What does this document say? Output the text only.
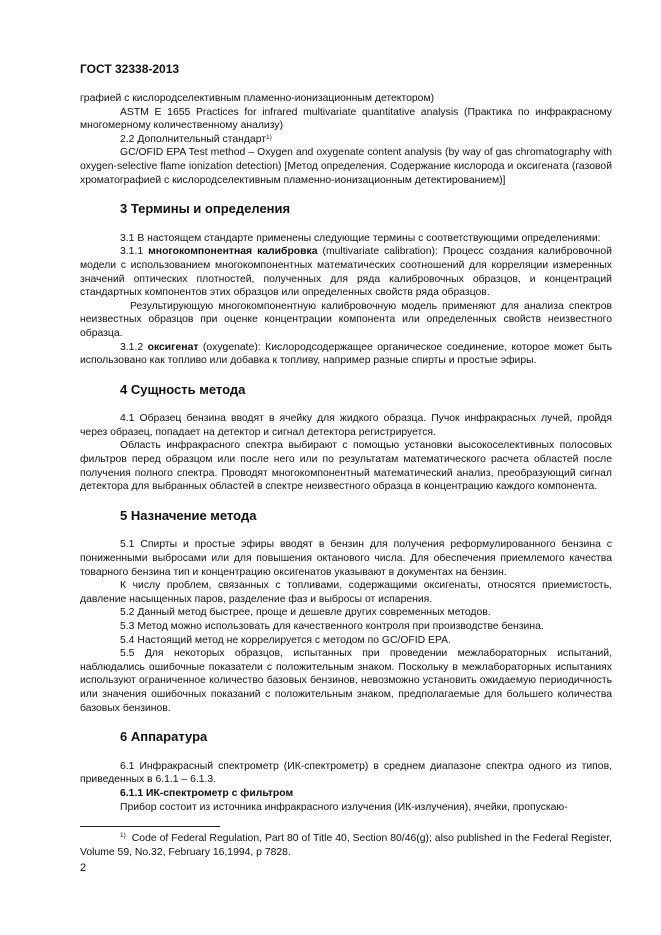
ГОСТ 32338-2013

графией с кислородселективным пламенно-ионизационным детектором)

ASTM E 1655 Practices for infrared multivariate quantitative analysis (Практика по инфракрасному многомерному количественному анализу)

2.2 Дополнительный стандарт$^{1)}$

GC/OFID EPA Test method – Oxygen and oxygenate content analysis (by way of gas chromatography with oxygen-selective flame ionization detection) [Метод определения. Содержание кислорода и оксигената (газовой хроматографией с кислородселективным пламенно-ионизационным детектированием)]

3 Термины и определения

3.1 В настоящем стандарте применены следующие термины с соответствующими определениями:

3.1.1 многокомпонентная калибровка (multivariate calibration): Процесс создания калибровочной модели с использованием многокомпонентных математических соотношений для корреляции измеренных значений оптических плотностей, полученных для ряда калибровочных образцов, и концентраций стандартных компонентов этих образцов или определенных свойств ряда образцов.

Результирующую многокомпонентную калибровочную модель применяют для анализа спектров неизвестных образцов при оценке концентрации компонента или определенных свойств неизвестного образца.

3.1.2 оксигенат (oxygenate): Кислородсодержащее органическое соединение, которое может быть использовано как топливо или добавка к топливу, например разные спирты и простые эфиры.

4 Сущность метода

4.1 Образец бензина вводят в ячейку для жидкого образца. Пучок инфракрасных лучей, пройдя через образец, попадает на детектор и сигнал детектора регистрируется.

Область инфракрасного спектра выбирают с помощью установки высокоселективных полосовых фильтров перед образцом или после него или по результатам математического расчета областей после получения полного спектра. Проводят многокомпонентный математический анализ, преобразующий сигнал детектора для выбранных областей в спектре неизвестного образца в концентрацию каждого компонента.

5 Назначение метода

5.1 Спирты и простые эфиры вводят в бензин для получения реформулированного бензина с пониженными выбросами или для повышения октанового числа. Для обеспечения приемлемого качества товарного бензина тип и концентрацию оксигенатов указывают в документах на бензин.

К числу проблем, связанных с топливами, содержащими оксигенаты, относятся приемистость, давление насыщенных паров, разделение фаз и выбросы от испарения.

5.2 Данный метод быстрее, проще и дешевле других современных методов.

5.3 Метод можно использовать для качественного контроля при производстве бензина.

5.4 Настоящий метод не коррелируется с методом по GC/OFID EPA.

5.5 Для некоторых образцов, испытанных при проведении межлабораторных испытаний, наблюдались ошибочные показатели с положительным знаком. Поскольку в межлабораторных испытаниях используют ограниченное количество базовых бензинов, невозможно установить ожидаемую периодичность или значения ошибочных показаний с положительным знаком, предполагаемые для большего количества базовых бензинов.

6 Аппаратура

6.1 Инфракрасный спектрометр (ИК-спектрометр) в среднем диапазоне спектра одного из типов, приведенных в 6.1.1 – 6.1.3.

6.1.1 ИК-спектрометр с фильтром

Прибор состоит из источника инфракрасного излучения (ИК-излучения), ячейки, пропускаю-

$^{1)}$ Code of Federal Regulation, Part 80 of Title 40, Section 80/46(g); also published in the Federal Register, Volume 59, No.32, February 16,1994, p 7828.
2
